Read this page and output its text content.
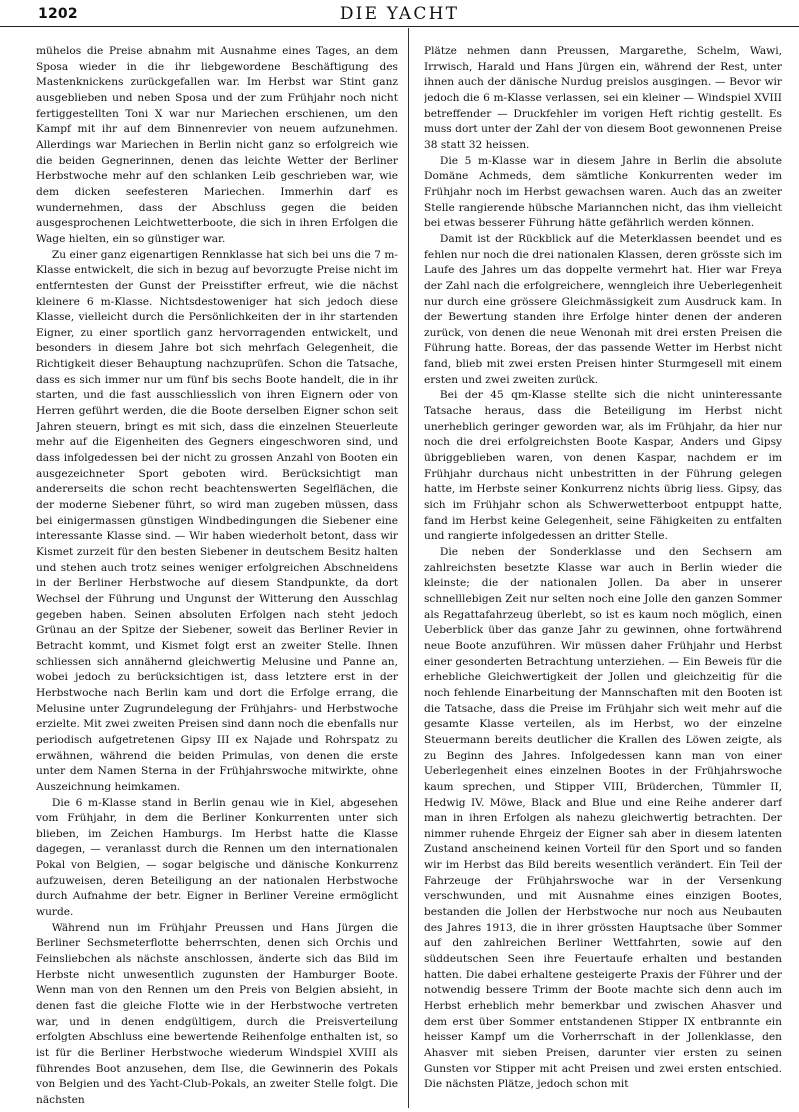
1202	DIE YACHT

mühelos die Preise abnahm mit Ausnahme eines Tages, an dem Sposa wieder in die ihr liebgewordene Beschäftigung des Mastenknickens zurückgefallen war. Im Herbst war Stint ganz ausgeblieben und neben Sposa und der zum Frühjahr noch nicht fertiggestellten Toni X war nur Mariechen erschienen, um den Kampf mit ihr auf dem Binnenrevier von neuem aufzunehmen. Allerdings war Mariechen in Berlin nicht ganz so erfolgreich wie die beiden Gegnerinnen, denen das leichte Wetter der Berliner Herbstwoche mehr auf den schlanken Leib geschrieben war, wie dem dicken seefesteren Mariechen. Immerhin darf es wundernehmen, dass der Abschluss gegen die beiden ausgesprochenen Leichtwetterboote, die sich in ihren Erfolgen die Wage hielten, ein so günstiger war.

Zu einer ganz eigenartigen Rennklasse hat sich bei uns die 7 m-Klasse entwickelt, die sich in bezug auf bevorzugte Preise nicht im entferntesten der Gunst der Preisstifter erfreut, wie die nächst kleinere 6 m-Klasse. Nichtsdestoweniger hat sich jedoch diese Klasse, vielleicht durch die Persönlichkeiten der in ihr startenden Eigner, zu einer sportlich ganz hervorragenden entwickelt, und besonders in diesem Jahre bot sich mehrfach Gelegenheit, die Richtigkeit dieser Behauptung nachzuprüfen. Schon die Tatsache, dass es sich immer nur um fünf bis sechs Boote handelt, die in ihr starten, und die fast ausschliesslich von ihren Eignern oder von Herren geführt werden, die die Boote derselben Eigner schon seit Jahren steuern, bringt es mit sich, dass die einzelnen Steuerleute mehr auf die Eigenheiten des Gegners eingeschworen sind, und dass infolgedessen bei der nicht zu grossen Anzahl von Booten ein ausgezeichneter Sport geboten wird. Berücksichtigt man andererseits die schon recht beachtenswerten Segelflächen, die der moderne Siebener führt, so wird man zugeben müssen, dass bei einigermassen günstigen Windbedingungen die Siebener eine interessante Klasse sind. — Wir haben wiederholt betont, dass wir Kismet zurzeit für den besten Siebener in deutschem Besitz halten und stehen auch trotz seines weniger erfolgreichen Abschneidens in der Berliner Herbstwoche auf diesem Standpunkte, da dort Wechsel der Führung und Ungunst der Witterung den Ausschlag gegeben haben. Seinen absoluten Erfolgen nach steht jedoch Grünau an der Spitze der Siebener, soweit das Berliner Revier in Betracht kommt, und Kismet folgt erst an zweiter Stelle. Ihnen schliessen sich annähernd gleichwertig Melusine und Panne an, wobei jedoch zu berücksichtigen ist, dass letztere erst in der Herbstwoche nach Berlin kam und dort die Erfolge errang, die Melusine unter Zugrundelegung der Frühjahrs- und Herbstwoche erzielte. Mit zwei zweiten Preisen sind dann noch die ebenfalls nur periodisch aufgetretenen Gipsy III ex Najade und Rohrspatz zu erwähnen, während die beiden Primulas, von denen die erste unter dem Namen Sterna in der Frühjahrswoche mitwirkte, ohne Auszeichnung heimkamen.

Die 6 m-Klasse stand in Berlin genau wie in Kiel, abgesehen vom Frühjahr, in dem die Berliner Konkurrenten unter sich blieben, im Zeichen Hamburgs. Im Herbst hatte die Klasse dagegen, — veranlasst durch die Rennen um den internationalen Pokal von Belgien, — sogar belgische und dänische Konkurrenz aufzuweisen, deren Beteiligung an der nationalen Herbstwoche durch Aufnahme der betr. Eigner in Berliner Vereine ermöglicht wurde.

Während nun im Frühjahr Preussen und Hans Jürgen die Berliner Sechsmeterflotte beherrschten, denen sich Orchis und Feinsliebchen als nächste anschlossen, änderte sich das Bild im Herbste nicht unwesentlich zugunsten der Hamburger Boote. Wenn man von den Rennen um den Preis von Belgien absieht, in denen fast die gleiche Flotte wie in der Herbstwoche vertreten war, und in denen endgültigem, durch die Preisverteilung erfolgten Abschluss eine bewertende Reihenfolge enthalten ist, so ist für die Berliner Herbstwoche wiederum Windspiel XVIII als führendes Boot anzusehen, dem Ilse, die Gewinnerin des Pokals von Belgien und des Yacht-Club-Pokals, an zweiter Stelle folgt. Die nächsten

Plätze nehmen dann Preussen, Margarethe, Schelm, Wawi, Irrwisch, Harald und Hans Jürgen ein, während der Rest, unter ihnen auch der dänische Nurdug preislos ausgingen. — Bevor wir jedoch die 6 m-Klasse verlassen, sei ein kleiner — Windspiel XVIII betreffender — Druckfehler im vorigen Heft richtig gestellt. Es muss dort unter der Zahl der von diesem Boot gewonnenen Preise 38 statt 32 heissen.

Die 5 m-Klasse war in diesem Jahre in Berlin die absolute Domäne Achmeds, dem sämtliche Konkurrenten weder im Frühjahr noch im Herbst gewachsen waren. Auch das an zweiter Stelle rangierende hübsche Mariannchen nicht, das ihm vielleicht bei etwas besserer Führung hätte gefährlich werden können.

Damit ist der Rückblick auf die Meterklassen beendet und es fehlen nur noch die drei nationalen Klassen, deren grösste sich im Laufe des Jahres um das doppelte vermehrt hat. Hier war Freya der Zahl nach die erfolgreichere, wenngleich ihre Ueberlegenheit nur durch eine grössere Gleichmässigkeit zum Ausdruck kam. In der Bewertung standen ihre Erfolge hinter denen der anderen zurück, von denen die neue Wenonah mit drei ersten Preisen die Führung hatte. Boreas, der das passende Wetter im Herbst nicht fand, blieb mit zwei ersten Preisen hinter Sturmgesell mit einem ersten und zwei zweiten zurück.

Bei der 45 qm-Klasse stellte sich die nicht uninteressante Tatsache heraus, dass die Beteiligung im Herbst nicht unerheblich geringer geworden war, als im Frühjahr, da hier nur noch die drei erfolgreichsten Boote Kaspar, Anders und Gipsy übriggeblieben waren, von denen Kaspar, nachdem er im Frühjahr durchaus nicht unbestritten in der Führung gelegen hatte, im Herbste seiner Konkurrenz nichts übrig liess. Gipsy, das sich im Frühjahr schon als Schwerwetterboot entpuppt hatte, fand im Herbst keine Gelegenheit, seine Fähigkeiten zu entfalten und rangierte infolgedessen an dritter Stelle.

Die neben der Sonderklasse und den Sechsern am zahlreichsten besetzte Klasse war auch in Berlin wieder die kleinste; die der nationalen Jollen. Da aber in unserer schnelllebigen Zeit nur selten noch eine Jolle den ganzen Sommer als Regattafahrzeug überlebt, so ist es kaum noch möglich, einen Ueberblick über das ganze Jahr zu gewinnen, ohne fortwährend neue Boote anzuführen. Wir müssen daher Frühjahr und Herbst einer gesonderten Betrachtung unterziehen. — Ein Beweis für die erhebliche Gleichwertigkeit der Jollen und gleichzeitig für die noch fehlende Einarbeitung der Mannschaften mit den Booten ist die Tatsache, dass die Preise im Frühjahr sich weit mehr auf die gesamte Klasse verteilen, als im Herbst, wo der einzelne Steuermann bereits deutlicher die Krallen des Löwen zeigte, als zu Beginn des Jahres. Infolgedessen kann man von einer Ueberlegenheit eines einzelnen Bootes in der Frühjahrswoche kaum sprechen, und Stipper VIII, Brüderchen, Tümmler II, Hedwig IV. Möwe, Black and Blue und eine Reihe anderer darf man in ihren Erfolgen als nahezu gleichwertig betrachten. Der nimmer ruhende Ehrgeiz der Eigner sah aber in diesem latenten Zustand anscheinend keinen Vorteil für den Sport und so fanden wir im Herbst das Bild bereits wesentlich verändert. Ein Teil der Fahrzeuge der Frühjahrswoche war in der Versenkung verschwunden, und mit Ausnahme eines einzigen Bootes, bestanden die Jollen der Herbstwoche nur noch aus Neubauten des Jahres 1913, die in ihrer grössten Hauptsache über Sommer auf den zahlreichen Berliner Wettfahrten, sowie auf den süddeutschen Seen ihre Feuertaufe erhalten und bestanden hatten. Die dabei erhaltene gesteigerte Praxis der Führer und der notwendig bessere Trimm der Boote machte sich denn auch im Herbst erheblich mehr bemerkbar und zwischen Ahasver und dem erst über Sommer entstandenen Stipper IX entbrannte ein heisser Kampf um die Vorherrschaft in der Jollenklasse, den Ahasver mit sieben Preisen, darunter vier ersten zu seinen Gunsten vor Stipper mit acht Preisen und zwei ersten entschied. Die nächsten Plätze, jedoch schon mit
